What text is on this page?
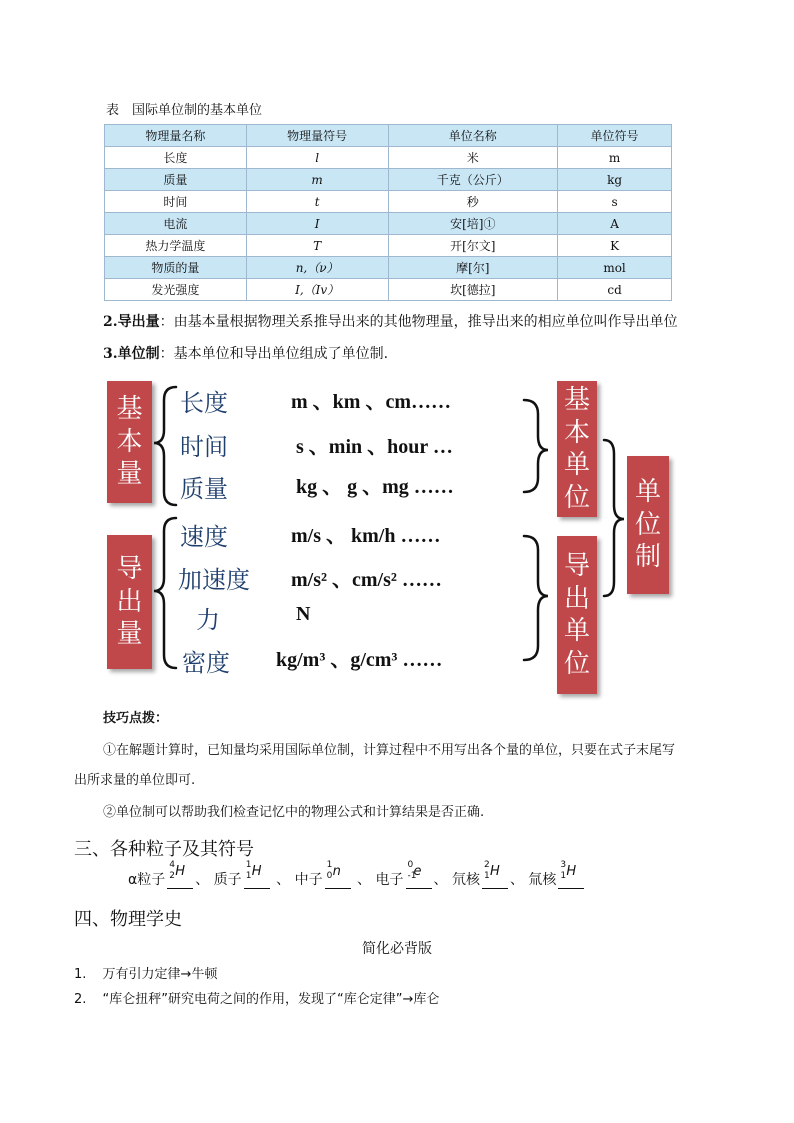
表　国际单位制的基本单位
物理量名称	物理量符号	单位名称	单位符号
长度	l	米	m
质量	m	千克（公斤）	kg
时间	t	秒	s
电流	I	安[培]①	A
热力学温度	T	开[尔文]	K
物质的量	n,（ν）	摩[尔]	mol
发光强度	I,（Iv）	坎[德拉]	cd
2.导出量：由基本量根据物理关系推导出来的其他物理量，推导出来的相应单位叫作导出单位
3.单位制：基本单位和导出单位组成了单位制.
基本量
导出量
基本单位
导出单位
单位制
长度	m 、km 、cm……
时间	s 、min 、hour …
质量	kg 、 g 、mg ……
速度	m/s 、 km/h ……
加速度 m/s² 、cm/s² ……
力	N
密度 kg/m³ 、g/cm³ ……
技巧点拨：
①在解题计算时，已知量均采用国际单位制，计算过程中不用写出各个量的单位，只要在式子末尾写
出所求量的单位即可.
②单位制可以帮助我们检查记忆中的物理公式和计算结果是否正确.
三、各种粒子及其符号
α粒子
4
2 H
、 质子
1
1 H
、 中子
1
0 n
、 电子
0
-1
e
、 氘核
2
1 H
、 氚核
3
1 H
四、物理学史
简化必背版
1. 万有引力定律→牛顿
2. “库仑扭秤”研究电荷之间的作用，发现了“库仑定律”→库仑
